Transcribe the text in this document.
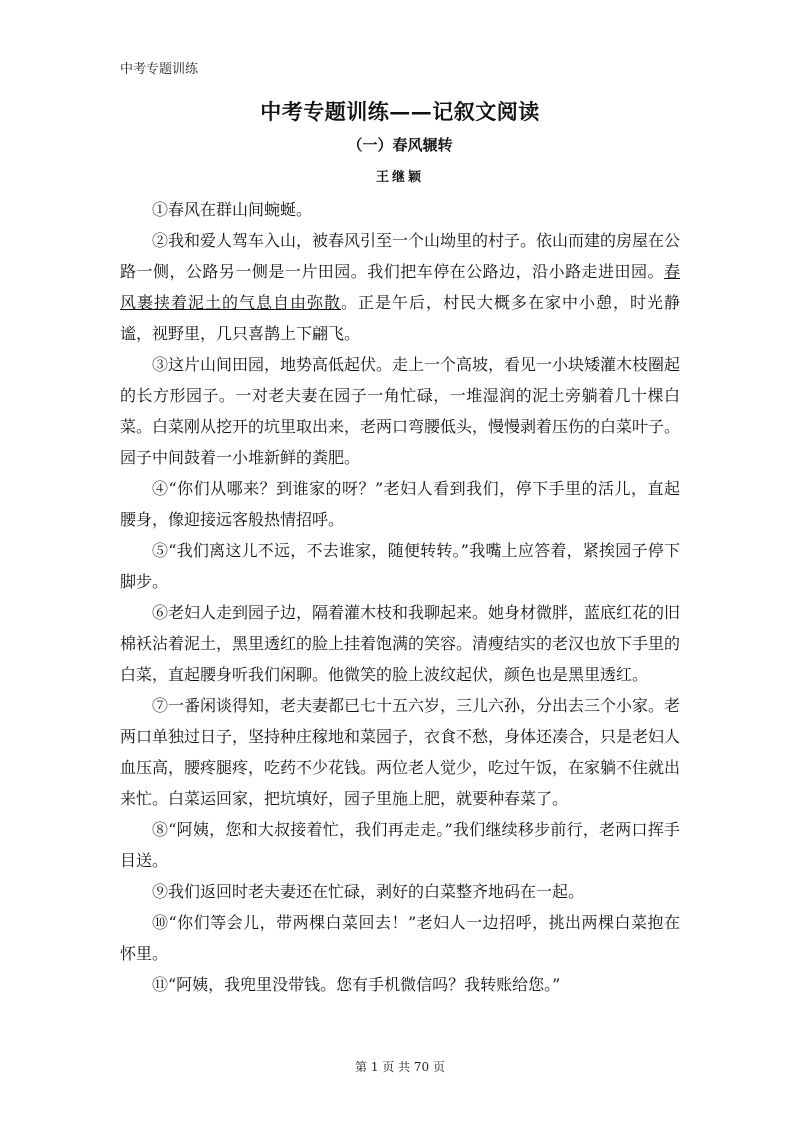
中考专题训练
中考专题训练——记叙文阅读
（一）春风辗转
王继颖

①春风在群山间蜿蜒。

②我和爱人驾车入山，被春风引至一个山坳里的村子。依山而建的房屋在公路一侧，公路另一侧是一片田园。我们把车停在公路边，沿小路走进田园。春风裹挟着泥土的气息自由弥散。正是午后，村民大概多在家中小憩，时光静谧，视野里，几只喜鹊上下翩飞。

③这片山间田园，地势高低起伏。走上一个高坡，看见一小块矮灌木枝圈起的长方形园子。一对老夫妻在园子一角忙碌，一堆湿润的泥土旁躺着几十棵白菜。白菜刚从挖开的坑里取出来，老两口弯腰低头，慢慢剥着压伤的白菜叶子。园子中间鼓着一小堆新鲜的粪肥。

④“你们从哪来？到谁家的呀？”老妇人看到我们，停下手里的活儿，直起腰身，像迎接远客般热情招呼。

⑤“我们离这儿不远，不去谁家，随便转转。”我嘴上应答着，紧挨园子停下脚步。

⑥老妇人走到园子边，隔着灌木枝和我聊起来。她身材微胖，蓝底红花的旧棉袄沾着泥土，黑里透红的脸上挂着饱满的笑容。清瘦结实的老汉也放下手里的白菜，直起腰身听我们闲聊。他微笑的脸上波纹起伏，颜色也是黑里透红。

⑦一番闲谈得知，老夫妻都已七十五六岁，三儿六孙，分出去三个小家。老两口单独过日子，坚持种庄稼地和菜园子，衣食不愁，身体还凑合，只是老妇人血压高，腰疼腿疼，吃药不少花钱。两位老人觉少，吃过午饭，在家躺不住就出来忙。白菜运回家，把坑填好，园子里施上肥，就要种春菜了。

⑧“阿姨，您和大叔接着忙，我们再走走。”我们继续移步前行，老两口挥手目送。

⑨我们返回时老夫妻还在忙碌，剥好的白菜整齐地码在一起。

⑩“你们等会儿，带两棵白菜回去！”老妇人一边招呼，挑出两棵白菜抱在怀里。

⑪“阿姨，我兜里没带钱。您有手机微信吗？我转账给您。”

第 1 页 共 70 页
